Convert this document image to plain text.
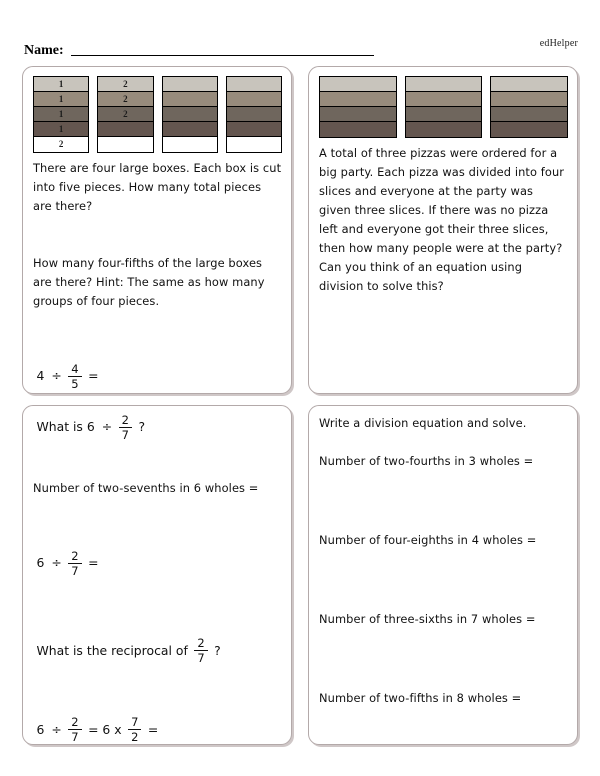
edHelper
Name:
1
1
1
1
2
2
2
2
There are four large boxes. Each box is cut into five pieces. How many total pieces are there?
How many four-fifths of the large boxes are there? Hint: The same as how many groups of four pieces.
$4 \div \frac{4}{5}$ =
A total of three pizzas were ordered for a big party. Each pizza was divided into four slices and everyone at the party was given three slices. If there was no pizza left and everyone got their three slices, then how many people were at the party? Can you think of an equation using division to solve this?
What is $6 \div \frac{2}{7}$ ?
Number of two-sevenths in 6 wholes =
$6 \div \frac{2}{7}$ =
What is the reciprocal of $\frac{2}{7}$ ?
$6 \div \frac{2}{7} = 6$ x $\frac{7}{2}$ =
Write a division equation and solve.
Number of two-fourths in 3 wholes =
Number of four-eighths in 4 wholes =
Number of three-sixths in 7 wholes =
Number of two-fifths in 8 wholes =
